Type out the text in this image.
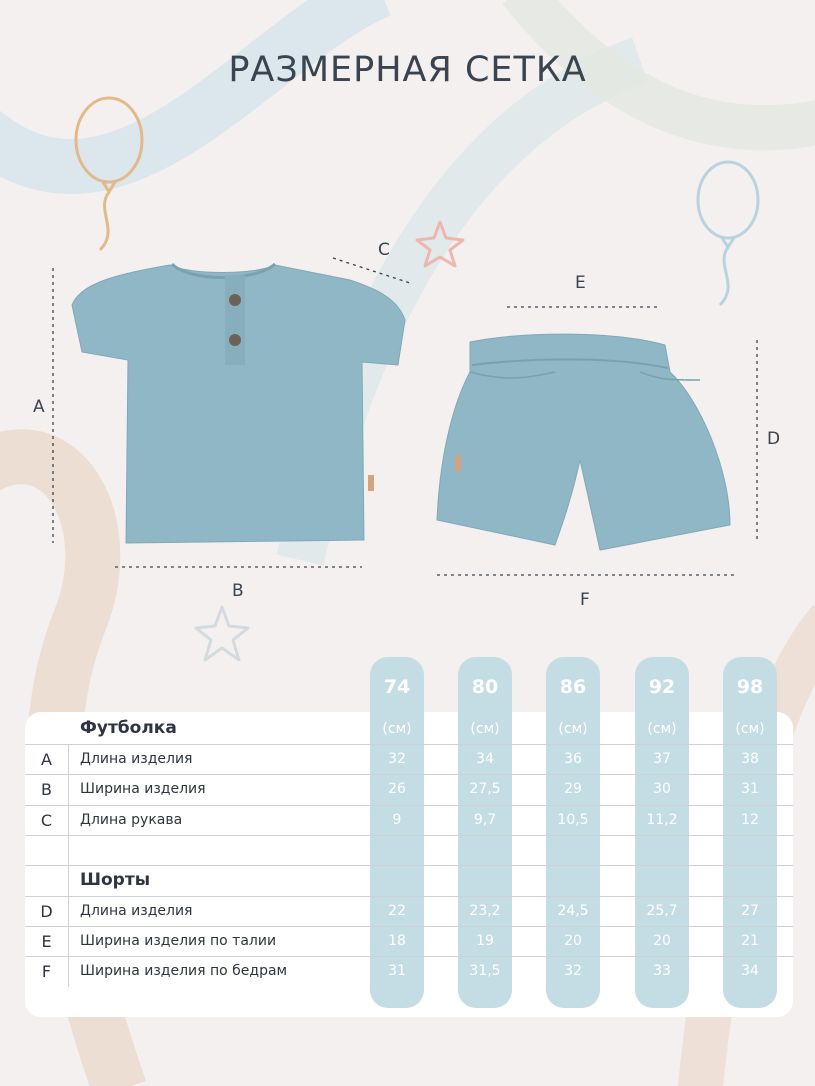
РАЗМЕРНАЯ СЕТКА
A
B
C
D
E
F
74	80	86	92	98
(см)	(см)	(см)	(см)	(см)
Футболка
A	Длина изделия	32	34	36	37	38
B	Ширина изделия	26	27,5	29	30	31
C	Длина рукава	9	9,7	10,5	11,2	12
Шорты
D	Длина изделия	22	23,2	24,5	25,7	27
E	Ширина изделия по талии	18	19	20	20	21
F	Ширина изделия по бедрам	31	31,5	32	33	34
